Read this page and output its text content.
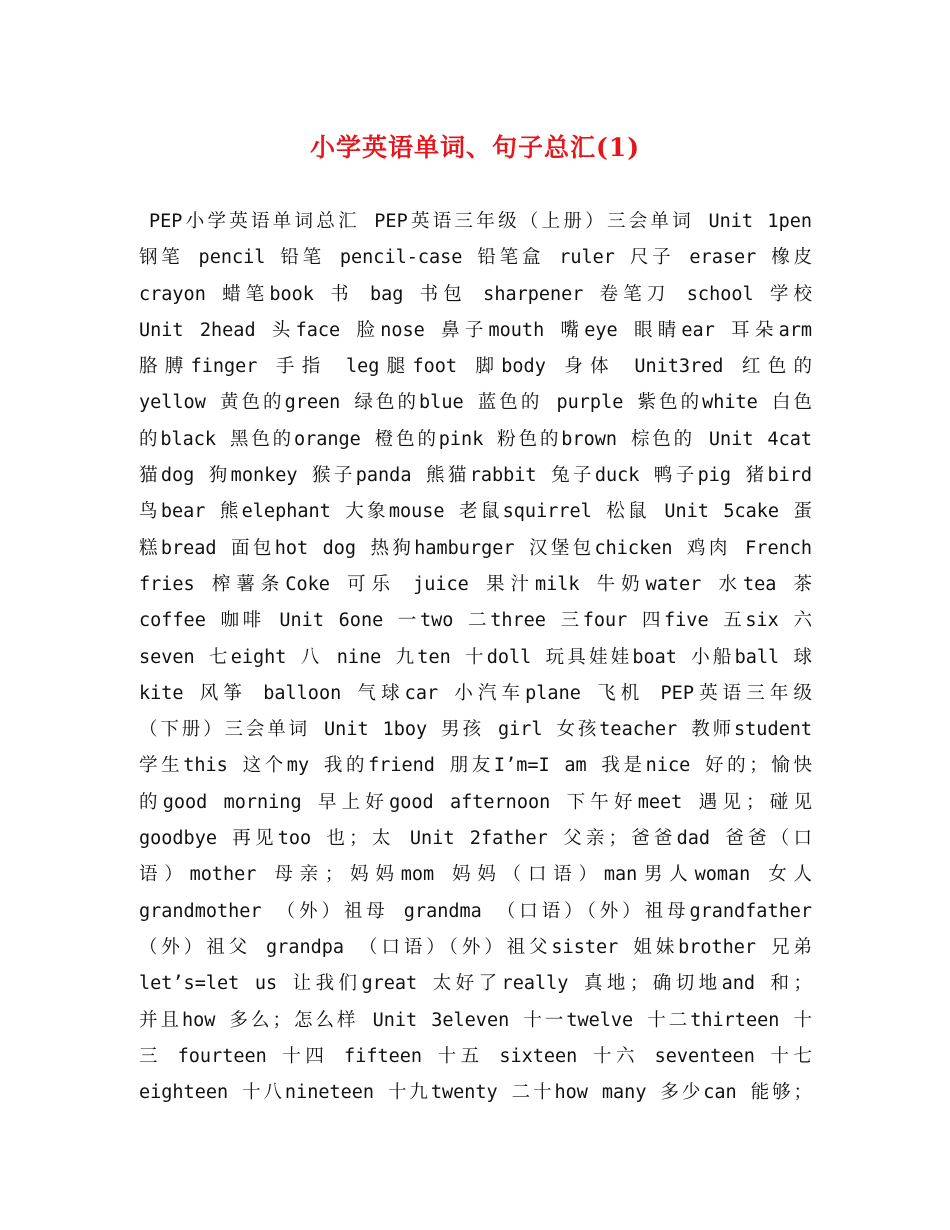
小学英语单词、句子总汇(1)
PEP小学英语单词总汇 PEP英语三年级（上册）三会单词 Unit 1pen
钢笔 pencil 铅笔 pencil-case 铅笔盒 ruler 尺子 eraser 橡皮
crayon 蜡笔book 书 bag 书包 sharpener 卷笔刀 school 学校
Unit 2head 头face 脸nose 鼻子mouth 嘴eye 眼睛ear 耳朵arm
胳膊finger 手指 leg腿foot 脚body 身体 Unit3red 红色的
yellow 黄色的green 绿色的blue 蓝色的 purple 紫色的white 白色
的black 黑色的orange 橙色的pink 粉色的brown 棕色的 Unit 4cat
猫dog 狗monkey 猴子panda 熊猫rabbit 兔子duck 鸭子pig 猪bird
鸟bear 熊elephant 大象mouse 老鼠squirrel 松鼠 Unit 5cake 蛋
糕bread 面包hot dog 热狗hamburger 汉堡包chicken 鸡肉 French
fries 榨薯条Coke 可乐 juice 果汁milk 牛奶water 水tea 茶
coffee 咖啡 Unit 6one 一two 二three 三four 四five 五six 六
seven 七eight 八 nine 九ten 十doll 玩具娃娃boat 小船ball 球
kite 风筝 balloon 气球car 小汽车plane 飞机 PEP英语三年级
（下册）三会单词 Unit 1boy 男孩 girl 女孩teacher 教师student
学生this 这个my 我的friend 朋友I’m=I am 我是nice 好的；愉快
的good morning 早上好good afternoon 下午好meet 遇见；碰见
goodbye 再见too 也；太 Unit 2father 父亲；爸爸dad 爸爸（口
语）mother 母亲；妈妈mom 妈妈（口语）man男人woman 女人
grandmother （外）祖母 grandma （口语）（外）祖母grandfather
（外）祖父 grandpa （口语）（外）祖父sister 姐妹brother 兄弟
let’s=let us 让我们great 太好了really 真地；确切地and 和；
并且how 多么；怎么样 Unit 3eleven 十一twelve 十二thirteen 十
三 fourteen 十四 fifteen 十五 sixteen 十六 seventeen 十七
eighteen 十八nineteen 十九twenty 二十how many 多少can 能够；
